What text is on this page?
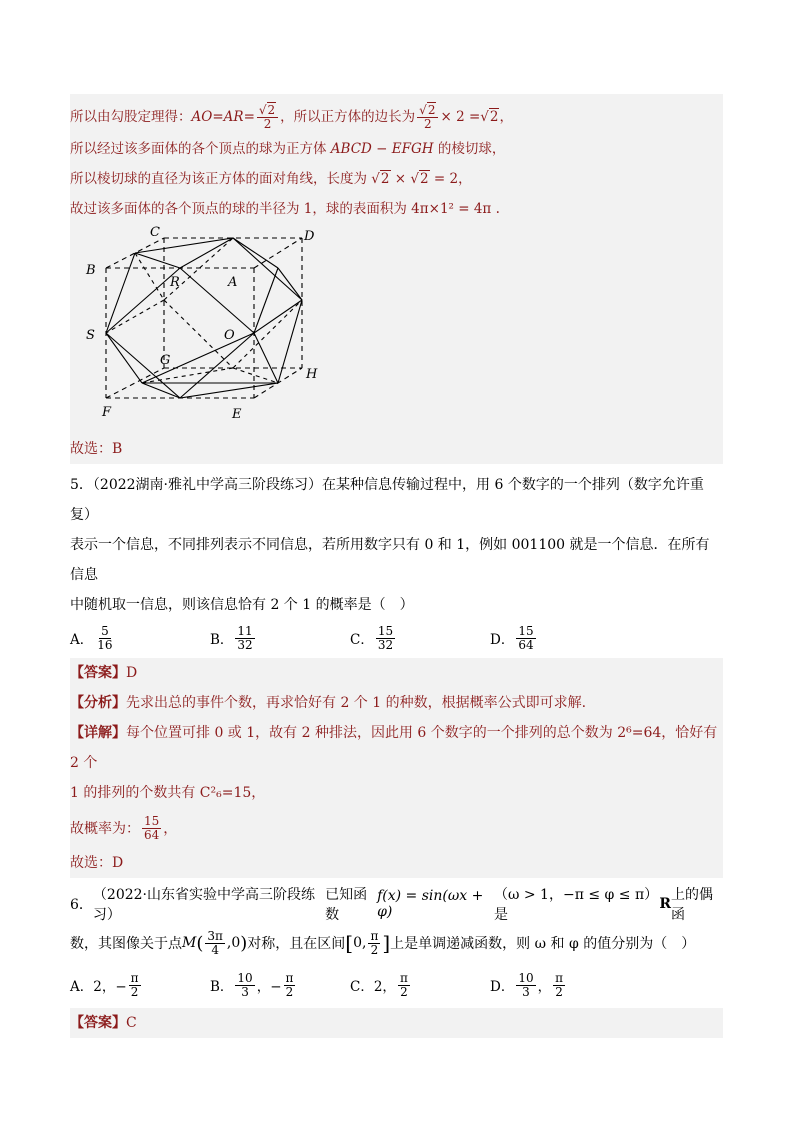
所以由勾股定理得： AO = AR = $\frac{√2}{2}$ ，所以正方体的边长为 $\frac{√2}{2} \times 2 = √2$ ，
所以经过该多面体的各个顶点的球为正方体 ABCD − EFGH 的棱切球，
所以棱切球的直径为该正方体的面对角线，长度为 √2 × √2 = 2，
故过该多面体的各个顶点的球的半径为 1，球的表面积为 4π×1² = 4π .
C	D
B
R	A
S	O
G
H
F	E
故选：B
5．（2022湖南·雅礼中学高三阶段练习）在某种信息传输过程中，用 6 个数字的一个排列（数字允许重复）
表示一个信息，不同排列表示不同信息，若所用数字只有 0 和 1，例如 001100 就是一个信息．在所有信息
中随机取一信息，则该信息恰有 2 个 1 的概率是（　）
A． $\frac{5}{16}$	B． $\frac{11}{32}$	C． $\frac{15}{32}$	D． $\frac{15}{64}$
【答案】D
【分析】先求出总的事件个数，再求恰好有 2 个 1 的种数，根据概率公式即可求解.
【详解】每个位置可排 0 或 1，故有 2 种排法，因此用 6 个数字的一个排列的总个数为 2⁶=64，恰好有 2 个
1 的排列的个数共有 C²₆=15，
故概率为： $\frac{15}{64}$ ，
故选：D
6．
（2022·山东省实验中学高三阶段练习）
已知函数
f(x) = sin(ωx + φ)
（ω > 1，−π ≤ φ ≤ π）是
R
上的偶函
数，其图像关于点 M ( $\frac{3\pi}{4} ,0$ ) 对称，且在区间 [ 0, $\frac{\pi}{2}$ ] 上是单调递减函数，则 ω 和 φ 的值分别为（　）
A． 2，− $\frac{\pi}{2}$	B． $\frac{10}{3}$ ，− $\frac{\pi}{2}$	C． 2， $\frac{\pi}{2}$	D． $\frac{10}{3}$ ， $\frac{\pi}{2}$
【答案】C
